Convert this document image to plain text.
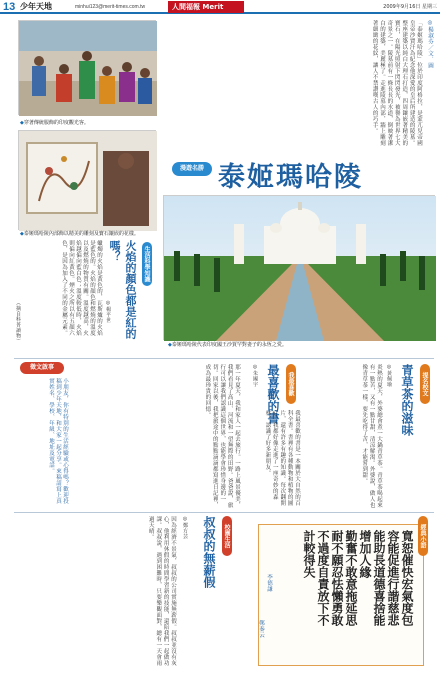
13 少年天地	minhui123@merit-times.com.tw	人間福報 Merit Times
2009年9月16日 星期三
◆ 穿著傳統服飾的印度觀光客。
◆ 泰姬瑪哈陵內部飾以精美的雕刻及寶石鑲嵌的花樣。
漫遊名勝 泰姬瑪哈陵
「泰姬瑪哈陵」位於印度阿格拉，是蒙兀兒帝國皇帝沙賈汗為紀念他深愛的皇后所建造的陵墓。整座建築以純白大理石打造，四周鑲嵌著精美的寶石，在陽光照射下閃閃發光，被譽為世界七大奇景之一。陵墓前有一條長長的水道，倒映著潔白的建築，美麗極了。走進陵墓內部，牆上雕刻著細緻的花紋，讓人不禁讚嘆古人的巧手。	◎楊淑芬／文．圖
◆ 泰姬瑪哈陵代表印度國王沙賈罕對妻子的永恆之愛。
生活科學知識
火焰的顏色都是紅的嗎？
◎楊平世
蠟燭的火焰是黃色的，瓦斯爐的火焰是藍色的。火焰的顏色和燃燒的溫度以及燃燒的物質有關。溫度越高，火焰越偏向藍白色；溫度較低時，火焰則偏向紅黃色。煙火之所以有五顏六色，是因為加入了不同的金屬元素。
（摘自科普讀物）
徵文啟事
小朋友，你有特別的生活經驗或心得嗎？歡迎投稿到少年天地，和大家一起分享。來稿請寫上真實姓名、學校、年級、地址及電話。	那一年夏天，我和家人一起去旅行。一路上風景優美，我們看見了高山、河流和一望無際的田野。爸爸說，旅行可以讓我們認識這個世界，也能學會珍惜身邊的一切。回家以後，我把旅途中的點點滴滴都寫進日記裡，成為最珍貴的回憶。	我最喜歡
最喜歡的書
◎朱國宇
我最喜歡的書是一本關於大自然的百科全書。書裡有各種動物和植物的圖片，還有許多有趣的知識。每次翻開它，我都好像走進了一座奇妙的森林，認識了好多新朋友。
提名校文
青草茶的滋味
◎黃佩瑜
炎熱的夏天，外婆總會煮一大鍋青草茶。青草茶喝起來有一點苦，又有一點甘甜，清涼解渴。外婆說，做人也像青草茶一樣，要先吃得了苦，才能嘗到甜。
因為經濟不景氣，叔叔的公司實施無薪假。叔叔並沒有灰心，他利用休假的時間學習新的技能，還陪我們一起做功課。叔叔說，遇到困難時，只要樂觀面對，總有一天會雨過天晴。	◎鄭方芸	校園生活
叔叔的無薪假	經典小語
寬恕催快宏氣度包
容能促進行諧慈悲
能助長道德喜捨能
增加人緣
勤奮不敢意拖延思
耐不願忍怯懶勇敢
不過度自責放下不
計較得失
李德謙
鄭秦云
